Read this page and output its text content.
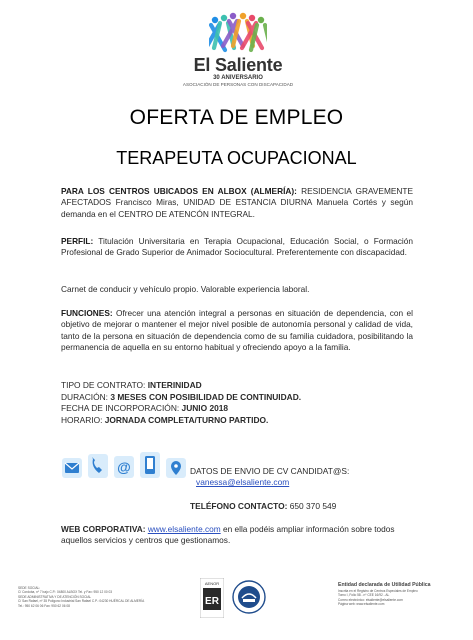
El Saliente
30 ANIVERSARIO
ASOCIACIÓN DE PERSONAS CON DISCAPACIDAD
OFERTA DE EMPLEO
TERAPEUTA OCUPACIONAL
PARA LOS CENTROS UBICADOS EN ALBOX (ALMERÍA): RESIDENCIA GRAVEMENTE AFECTADOS Francisco Miras, UNIDAD DE ESTANCIA DIURNA Manuela Cortés y según demanda en el CENTRO DE ATENCÓN INTEGRAL.
PERFIL: Titulación Universitaria en Terapia Ocupacional, Educación Social, o Formación Profesional de Grado Superior de Animador Sociocultural. Preferentemente con discapacidad.
Carnet de conducir y vehículo propio. Valorable experiencia laboral.
FUNCIONES: Ofrecer una atención integral a personas en situación de dependencia, con el objetivo de mejorar o mantener el mejor nivel posible de autonomía personal y calidad de vida, tanto de la persona en situación de dependencia como de su familia cuidadora, posibilitando la permanencia de aquella en su entorno habitual y ofreciendo apoyo a la familia.
TIPO DE CONTRATO: INTERINIDAD
DURACIÓN: 3 MESES CON POSIBILIDAD DE CONTINUIDAD.
FECHA DE INCORPORACIÓN: JUNIO 2018
HORARIO: JORNADA COMPLETA/TURNO PARTIDO.
@	DATOS DE ENVIO DE CV CANDIDAT@S:
vanessa@elsaliente.com
TELÉFONO CONTACTO: 650 370 549
WEB CORPORATIVA: www.elsaliente.com en ella podéis ampliar información sobre todos aquellos servicios y centros que gestionamos.
SEDE SOCIAL:
C/ Cordoba, nº 7 bajo C.P.: 04800 ALBOX Tel. y Fax: 950 12 00 03
SEDE ADMINISTRATIVA Y DE ATENCIÓN SOCIAL
C/ San Rafael, nº 35 Polígono Industrial San Rafael C.P.: 04230 HUÉRCAL DE ALMERÍA
Tel.: 950 62 06 06 Fax: 950 62 06 08
AENOR
ER
Entidad declarada de Utilidad Pública
Inscrita en el Registro de Centros Especiales de Empleo
Tomo I, Folio 58 - nº CEE 16/92 - AL
Correo electrónico: elsaliente@elsaliente.com
Página web: www.elsaliente.com
